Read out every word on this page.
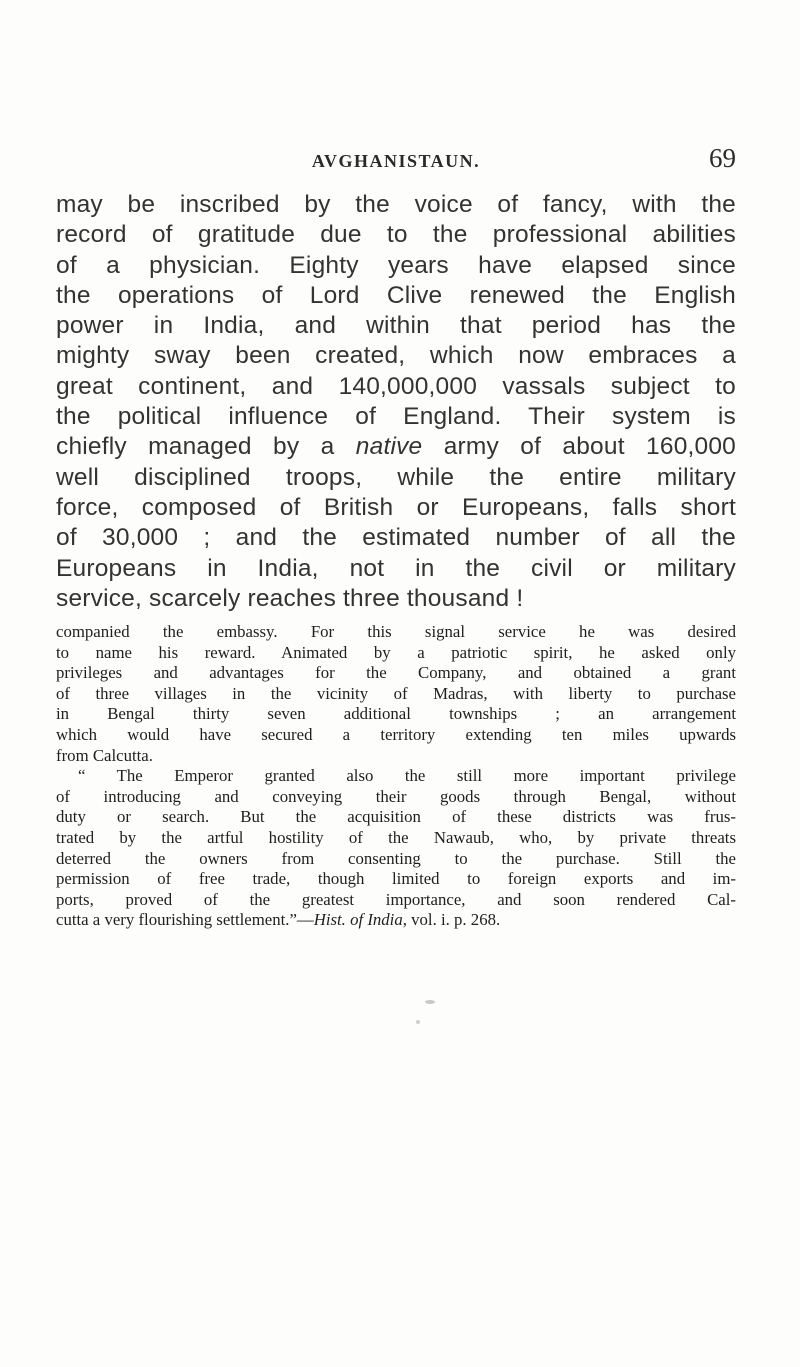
AVGHANISTAUN.	69
may be inscribed by the voice of fancy, with the
record of gratitude due to the professional abilities
of a physician. Eighty years have elapsed since
the operations of Lord Clive renewed the English
power in India, and within that period has the
mighty sway been created, which now embraces a
great continent, and 140,000,000 vassals subject to
the political influence of England. Their system is
chiefly managed by a native army of about 160,000
well disciplined troops, while the entire military
force, composed of British or Europeans, falls short
of 30,000 ; and the estimated number of all the
Europeans in India, not in the civil or military
service, scarcely reaches three thousand !
companied the embassy. For this signal service he was desired
to name his reward. Animated by a patriotic spirit, he asked only
privileges and advantages for the Company, and obtained a grant
of three villages in the vicinity of Madras, with liberty to purchase
in Bengal thirty seven additional townships ; an arrangement
which would have secured a territory extending ten miles upwards
from Calcutta.
“ The Emperor granted also the still more important privilege
of introducing and conveying their goods through Bengal, without
duty or search. But the acquisition of these districts was frus-
trated by the artful hostility of the Nawaub, who, by private threats
deterred the owners from consenting to the purchase. Still the
permission of free trade, though limited to foreign exports and im-
ports, proved of the greatest importance, and soon rendered Cal-
cutta a very flourishing settlement.”—Hist. of India, vol. i. p. 268.
